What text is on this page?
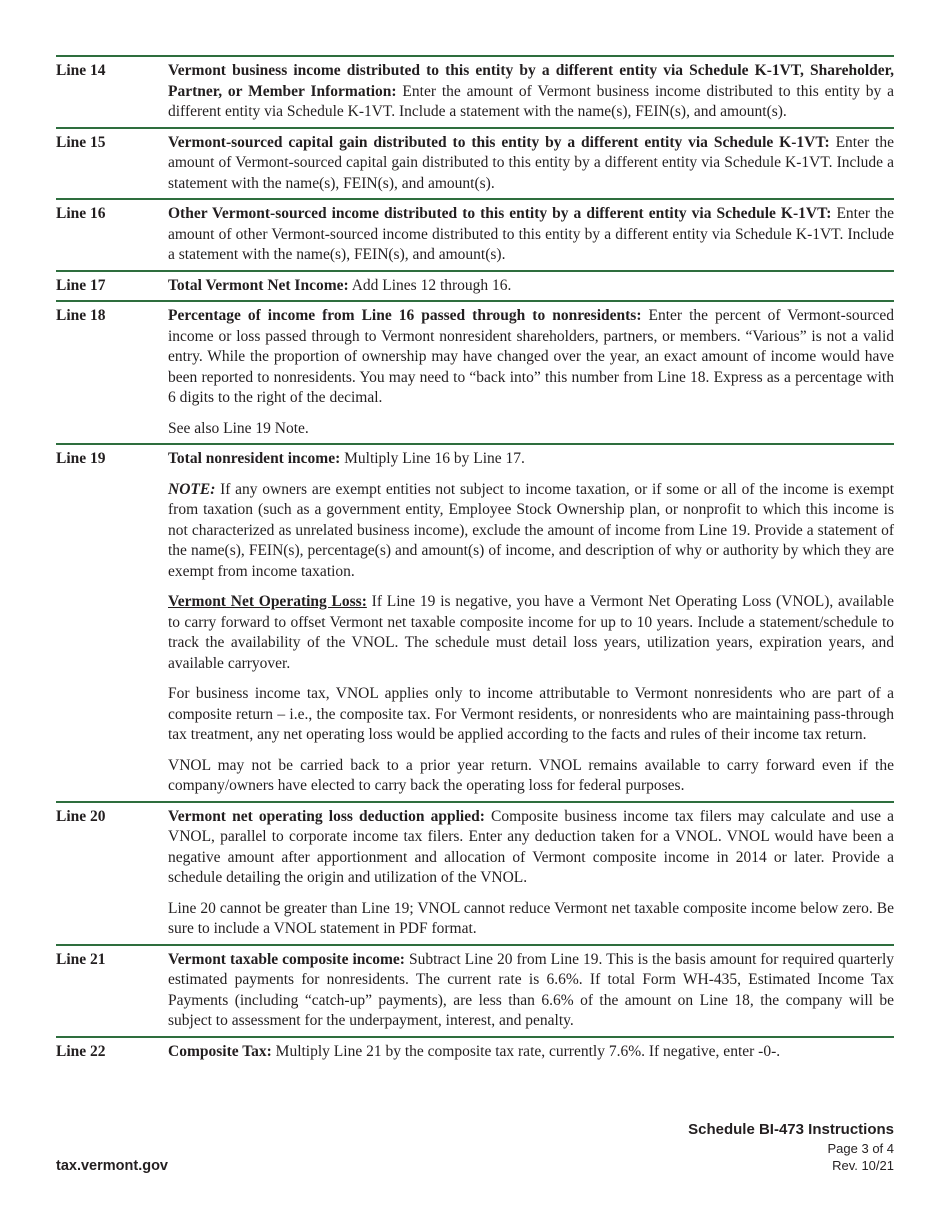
Line 14	Vermont business income distributed to this entity by a different entity via Schedule K-1VT, Shareholder, Partner, or Member Information: Enter the amount of Vermont business income distributed to this entity by a different entity via Schedule K-1VT. Include a statement with the name(s), FEIN(s), and amount(s).

Line 15	Vermont-sourced capital gain distributed to this entity by a different entity via Schedule K-1VT: Enter the amount of Vermont-sourced capital gain distributed to this entity by a different entity via Schedule K-1VT. Include a statement with the name(s), FEIN(s), and amount(s).

Line 16	Other Vermont-sourced income distributed to this entity by a different entity via Schedule K-1VT: Enter the amount of other Vermont-sourced income distributed to this entity by a different entity via Schedule K-1VT. Include a statement with the name(s), FEIN(s), and amount(s).

Line 17	Total Vermont Net Income: Add Lines 12 through 16.

Line 18	Percentage of income from Line 16 passed through to nonresidents: Enter the percent of Vermont-sourced income or loss passed through to Vermont nonresident shareholders, partners, or members. “Various” is not a valid entry. While the proportion of ownership may have changed over the year, an exact amount of income would have been reported to nonresidents. You may need to “back into” this number from Line 18. Express as a percentage with 6 digits to the right of the decimal.

See also Line 19 Note.

Line 19	Total nonresident income: Multiply Line 16 by Line 17.

NOTE: If any owners are exempt entities not subject to income taxation, or if some or all of the income is exempt from taxation (such as a government entity, Employee Stock Ownership plan, or nonprofit to which this income is not characterized as unrelated business income), exclude the amount of income from Line 19. Provide a statement of the name(s), FEIN(s), percentage(s) and amount(s) of income, and description of why or authority by which they are exempt from income taxation.

Vermont Net Operating Loss: If Line 19 is negative, you have a Vermont Net Operating Loss (VNOL), available to carry forward to offset Vermont net taxable composite income for up to 10 years. Include a statement/schedule to track the availability of the VNOL. The schedule must detail loss years, utilization years, expiration years, and available carryover.

For business income tax, VNOL applies only to income attributable to Vermont nonresidents who are part of a composite return – i.e., the composite tax. For Vermont residents, or nonresidents who are maintaining pass-through tax treatment, any net operating loss would be applied according to the facts and rules of their income tax return.

VNOL may not be carried back to a prior year return. VNOL remains available to carry forward even if the company/owners have elected to carry back the operating loss for federal purposes.

Line 20	Vermont net operating loss deduction applied: Composite business income tax filers may calculate and use a VNOL, parallel to corporate income tax filers. Enter any deduction taken for a VNOL. VNOL would have been a negative amount after apportionment and allocation of Vermont composite income in 2014 or later. Provide a schedule detailing the origin and utilization of the VNOL.

Line 20 cannot be greater than Line 19; VNOL cannot reduce Vermont net taxable composite income below zero. Be sure to include a VNOL statement in PDF format.

Line 21	Vermont taxable composite income: Subtract Line 20 from Line 19. This is the basis amount for required quarterly estimated payments for nonresidents. The current rate is 6.6%. If total Form WH-435, Estimated Income Tax Payments (including “catch-up” payments), are less than 6.6% of the amount on Line 18, the company will be subject to assessment for the underpayment, interest, and penalty.

Line 22	Composite Tax: Multiply Line 21 by the composite tax rate, currently 7.6%. If negative, enter -0-.

tax.vermont.gov
Schedule BI-473 Instructions
Page 3 of 4
Rev. 10/21
